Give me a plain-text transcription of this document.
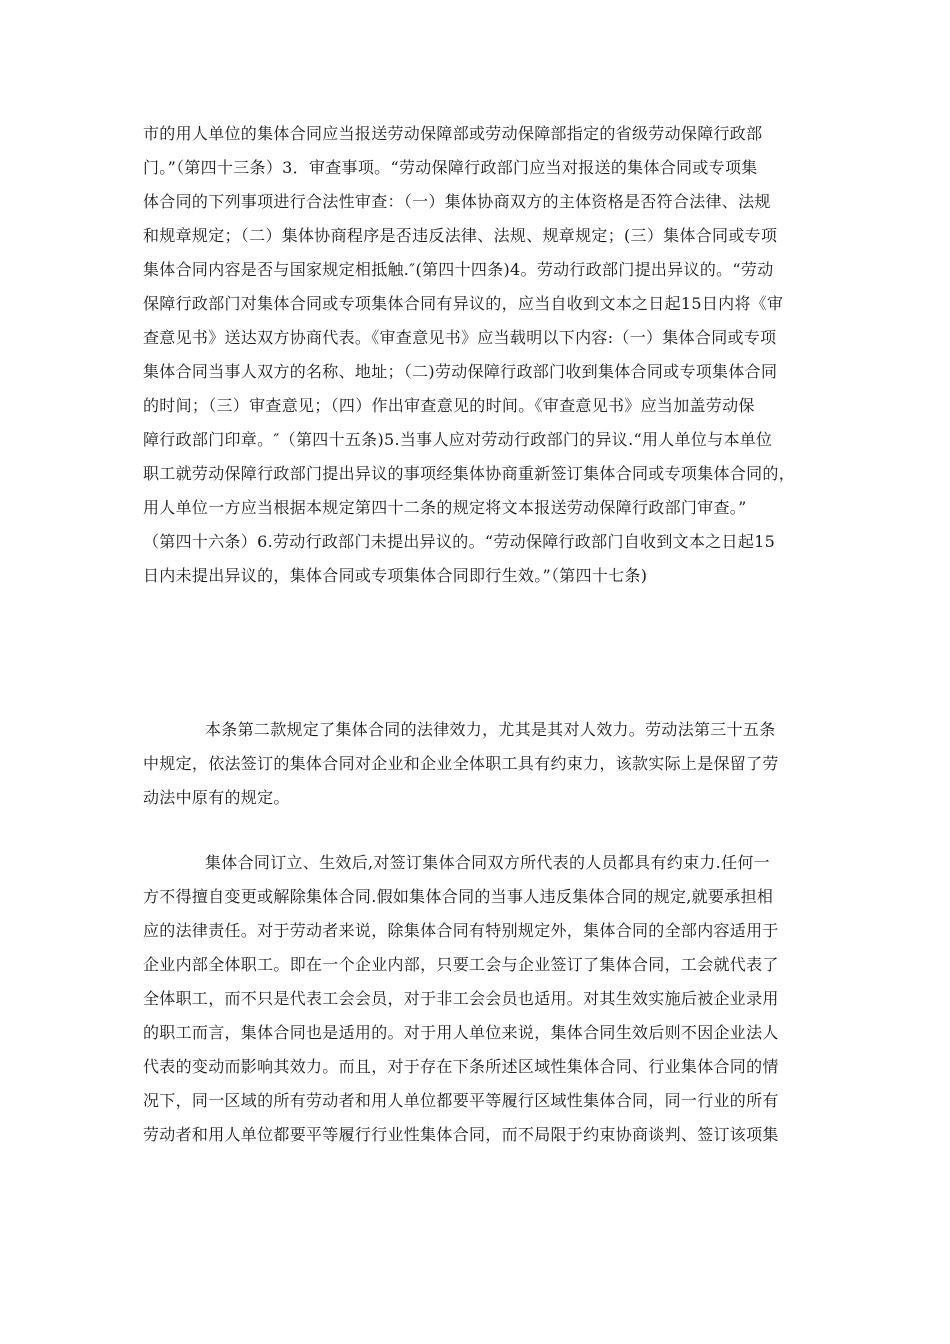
市的用人单位的集体合同应当报送劳动保障部或劳动保障部指定的省级劳动保障行政部
门。”（第四十三条）3．审查事项。“劳动保障行政部门应当对报送的集体合同或专项集
体合同的下列事项进行合法性审查：（一）集体协商双方的主体资格是否符合法律、法规
和规章规定；（二）集体协商程序是否违反法律、法规、规章规定；(三）集体合同或专项
集体合同内容是否与国家规定相抵触.″(第四十四条)4。劳动行政部门提出异议的。“劳动
保障行政部门对集体合同或专项集体合同有异议的，应当自收到文本之日起15日内将《审
查意见书》送达双方协商代表。《审查意见书》应当载明以下内容:（一）集体合同或专项
集体合同当事人双方的名称、地址；（二)劳动保障行政部门收到集体合同或专项集体合同
的时间；（三）审查意见；（四）作出审查意见的时间。《审查意见书》应当加盖劳动保
障行政部门印章。″（第四十五条)5.当事人应对劳动行政部门的异议.“用人单位与本单位
职工就劳动保障行政部门提出异议的事项经集体协商重新签订集体合同或专项集体合同的，
用人单位一方应当根据本规定第四十二条的规定将文本报送劳动保障行政部门审查。”
（第四十六条）6.劳动行政部门未提出异议的。“劳动保障行政部门自收到文本之日起15
日内未提出异议的，集体合同或专项集体合同即行生效。”（第四十七条)

本条第二款规定了集体合同的法律效力，尤其是其对人效力。劳动法第三十五条
中规定，依法签订的集体合同对企业和企业全体职工具有约束力，该款实际上是保留了劳
动法中原有的规定。

集体合同订立、生效后,对签订集体合同双方所代表的人员都具有约束力.任何一
方不得擅自变更或解除集体合同.假如集体合同的当事人违反集体合同的规定,就要承担相
应的法律责任。对于劳动者来说，除集体合同有特别规定外，集体合同的全部内容适用于
企业内部全体职工。即在一个企业内部，只要工会与企业签订了集体合同，工会就代表了
全体职工，而不只是代表工会会员，对于非工会会员也适用。对其生效实施后被企业录用
的职工而言，集体合同也是适用的。对于用人单位来说，集体合同生效后则不因企业法人
代表的变动而影响其效力。而且，对于存在下条所述区域性集体合同、行业集体合同的情
况下，同一区域的所有劳动者和用人单位都要平等履行区域性集体合同，同一行业的所有
劳动者和用人单位都要平等履行行业性集体合同，而不局限于约束协商谈判、签订该项集
